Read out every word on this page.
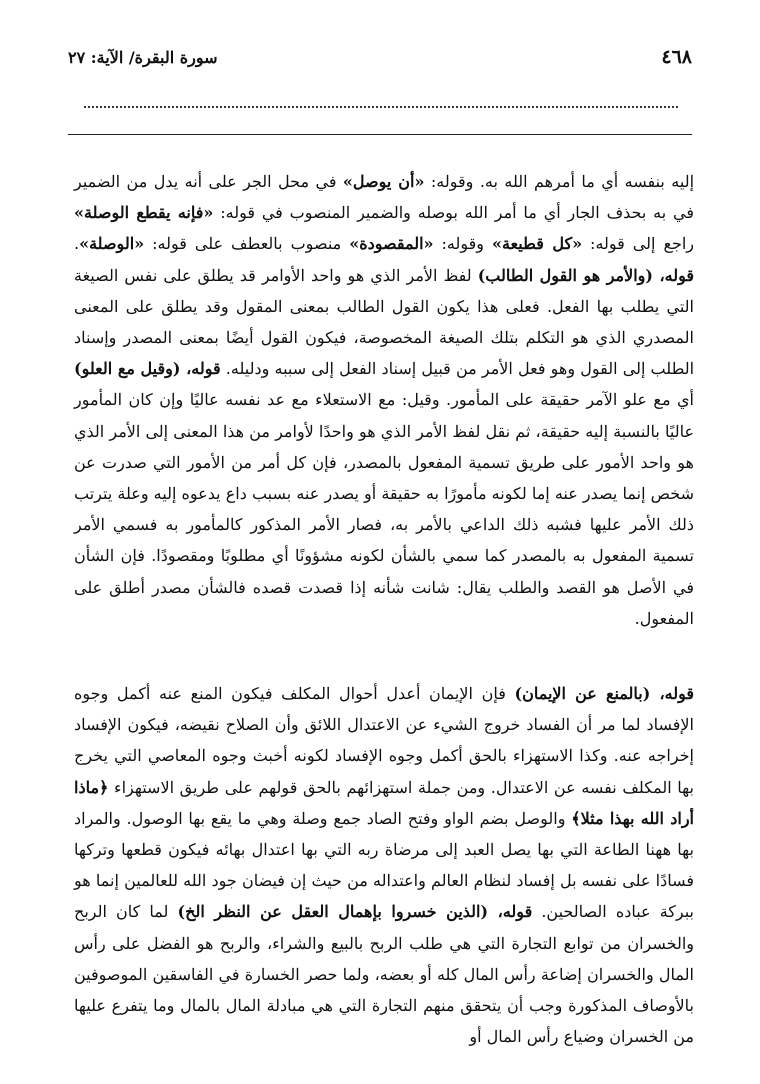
٤٦٨
سورة البقرة/ الآية: ٢٧

إليه بنفسه أي ما أمرهم الله به. وقوله: «أن يوصل» في محل الجر على أنه يدل من الضمير في به بحذف الجار أي ما أمر الله بوصله والضمير المنصوب في قوله: «فإنه يقطع الوصلة» راجع إلى قوله: «كل قطيعة» وقوله: «المقصودة» منصوب بالعطف على قوله: «الوصلة». قوله، (والأمر هو القول الطالب) لفظ الأمر الذي هو واحد الأوامر قد يطلق على نفس الصيغة التي يطلب بها الفعل. فعلى هذا يكون القول الطالب بمعنى المقول وقد يطلق على المعنى المصدري الذي هو التكلم بتلك الصيغة المخصوصة، فيكون القول أيضًا بمعنى المصدر وإسناد الطلب إلى القول وهو فعل الأمر من قبيل إسناد الفعل إلى سببه ودليله. قوله، (وقيل مع العلو) أي مع علو الآمر حقيقة على المأمور. وقيل: مع الاستعلاء مع عد نفسه عاليًا وإن كان المأمور عاليًا بالنسبة إليه حقيقة، ثم نقل لفظ الأمر الذي هو واحدًا لأوامر من هذا المعنى إلى الأمر الذي هو واحد الأمور على طريق تسمية المفعول بالمصدر، فإن كل أمر من الأمور التي صدرت عن شخص إنما يصدر عنه إما لكونه مأمورًا به حقيقة أو يصدر عنه بسبب داع يدعوه إليه وعلة يترتب ذلك الأمر عليها فشبه ذلك الداعي بالأمر به، فصار الأمر المذكور كالمأمور به فسمي الأمر تسمية المفعول به بالمصدر كما سمي بالشأن لكونه مشؤونًا أي مطلوبًا ومقصودًا. فإن الشأن في الأصل هو القصد والطلب يقال: شانت شأنه إذا قصدت قصده فالشأن مصدر أطلق على المفعول.

قوله، (بالمنع عن الإيمان) فإن الإيمان أعدل أحوال المكلف فيكون المنع عنه أكمل وجوه الإفساد لما مر أن الفساد خروج الشيء عن الاعتدال اللائق وأن الصلاح نقيضه، فيكون الإفساد إخراجه عنه. وكذا الاستهزاء بالحق أكمل وجوه الإفساد لكونه أخبث وجوه المعاصي التي يخرج بها المكلف نفسه عن الاعتدال. ومن جملة استهزائهم بالحق قولهم على طريق الاستهزاء ﴿ماذا أراد الله بهذا مثلا﴾ والوصل بضم الواو وفتح الصاد جمع وصلة وهي ما يقع بها الوصول. والمراد بها ههنا الطاعة التي بها يصل العبد إلى مرضاة ربه التي بها اعتدال بهائه فيكون قطعها وتركها فسادًا على نفسه بل إفساد لنظام العالم واعتداله من حيث إن فيضان جود الله للعالمين إنما هو ببركة عباده الصالحين. قوله، (الذين خسروا بإهمال العقل عن النظر الخ) لما كان الربح والخسران من توابع التجارة التي هي طلب الربح بالبيع والشراء، والربح هو الفضل على رأس المال والخسران إضاعة رأس المال كله أو بعضه، ولما حصر الخسارة في الفاسقين الموصوفين بالأوصاف المذكورة وجب أن يتحقق منهم التجارة التي هي مبادلة المال بالمال وما يتفرع عليها من الخسران وضياع رأس المال أو
